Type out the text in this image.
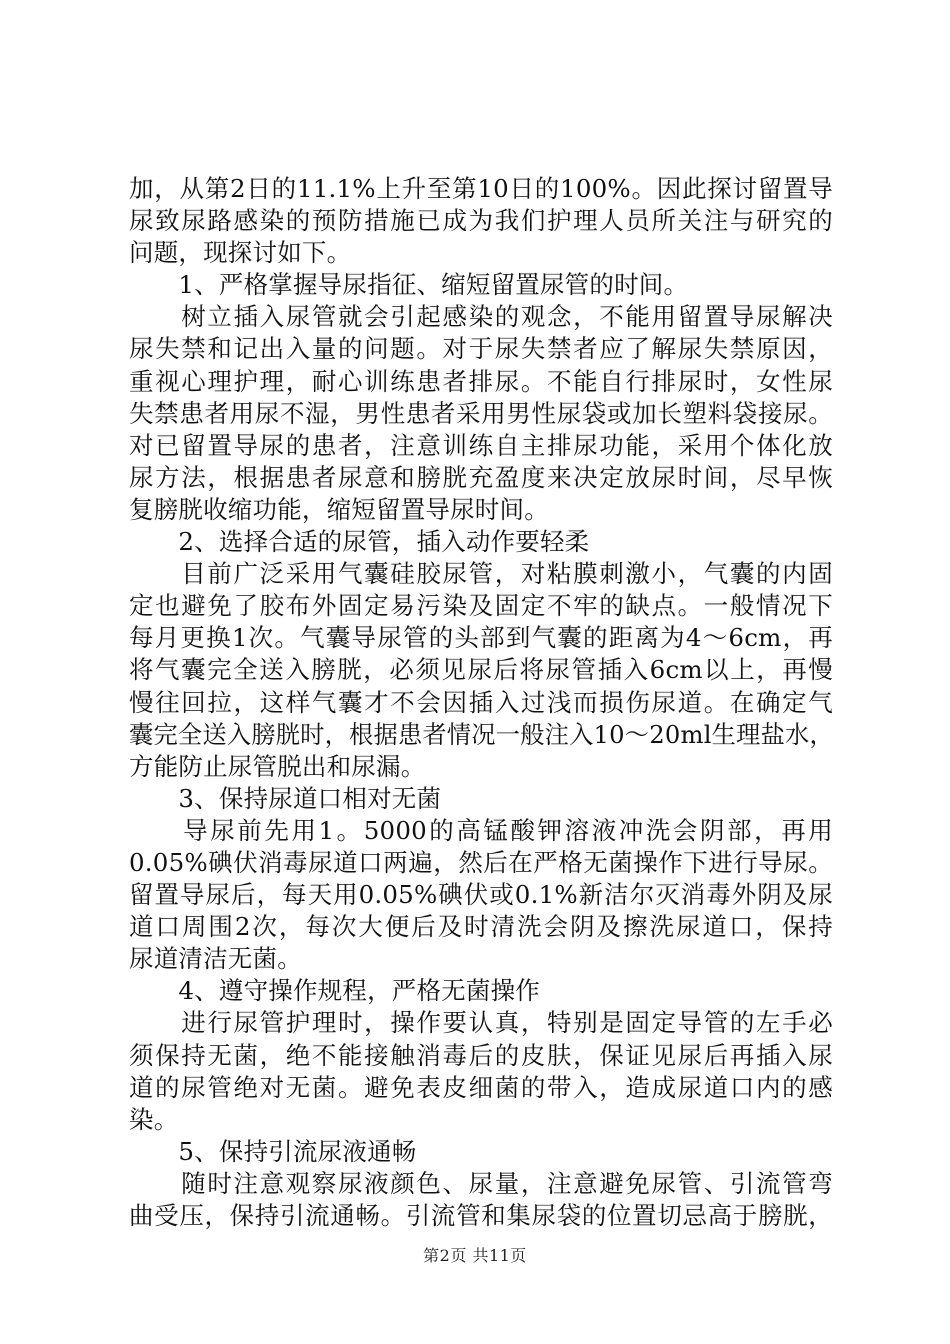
加，从第2日的11.1%上升至第10日的100%。因此探讨留置导
尿致尿路感染的预防措施已成为我们护理人员所关注与研究的
问题，现探讨如下。
　　1、严格掌握导尿指征、缩短留置尿管的时间。
　　树立插入尿管就会引起感染的观念，不能用留置导尿解决
尿失禁和记出入量的问题。对于尿失禁者应了解尿失禁原因，
重视心理护理，耐心训练患者排尿。不能自行排尿时，女性尿
失禁患者用尿不湿，男性患者采用男性尿袋或加长塑料袋接尿。
对已留置导尿的患者，注意训练自主排尿功能，采用个体化放
尿方法，根据患者尿意和膀胱充盈度来决定放尿时间，尽早恢
复膀胱收缩功能，缩短留置导尿时间。
　　2、选择合适的尿管，插入动作要轻柔
　　目前广泛采用气囊硅胶尿管，对粘膜刺激小，气囊的内固
定也避免了胶布外固定易污染及固定不牢的缺点。一般情况下
每月更换1次。气囊导尿管的头部到气囊的距离为4～6cm，再
将气囊完全送入膀胱，必须见尿后将尿管插入6cm以上，再慢
慢往回拉，这样气囊才不会因插入过浅而损伤尿道。在确定气
囊完全送入膀胱时，根据患者情况一般注入10～20ml生理盐水，
方能防止尿管脱出和尿漏。
　　3、保持尿道口相对无菌
　　导尿前先用1。5000的高锰酸钾溶液冲洗会阴部，再用
0.05%碘伏消毒尿道口两遍，然后在严格无菌操作下进行导尿。
留置导尿后，每天用0.05%碘伏或0.1%新洁尔灭消毒外阴及尿
道口周围2次，每次大便后及时清洗会阴及擦洗尿道口，保持
尿道清洁无菌。
　　4、遵守操作规程，严格无菌操作
　　进行尿管护理时，操作要认真，特别是固定导管的左手必
须保持无菌，绝不能接触消毒后的皮肤，保证见尿后再插入尿
道的尿管绝对无菌。避免表皮细菌的带入，造成尿道口内的感
染。
　　5、保持引流尿液通畅
　　随时注意观察尿液颜色、尿量，注意避免尿管、引流管弯
曲受压，保持引流通畅。引流管和集尿袋的位置切忌高于膀胱，
第2页 共11页
